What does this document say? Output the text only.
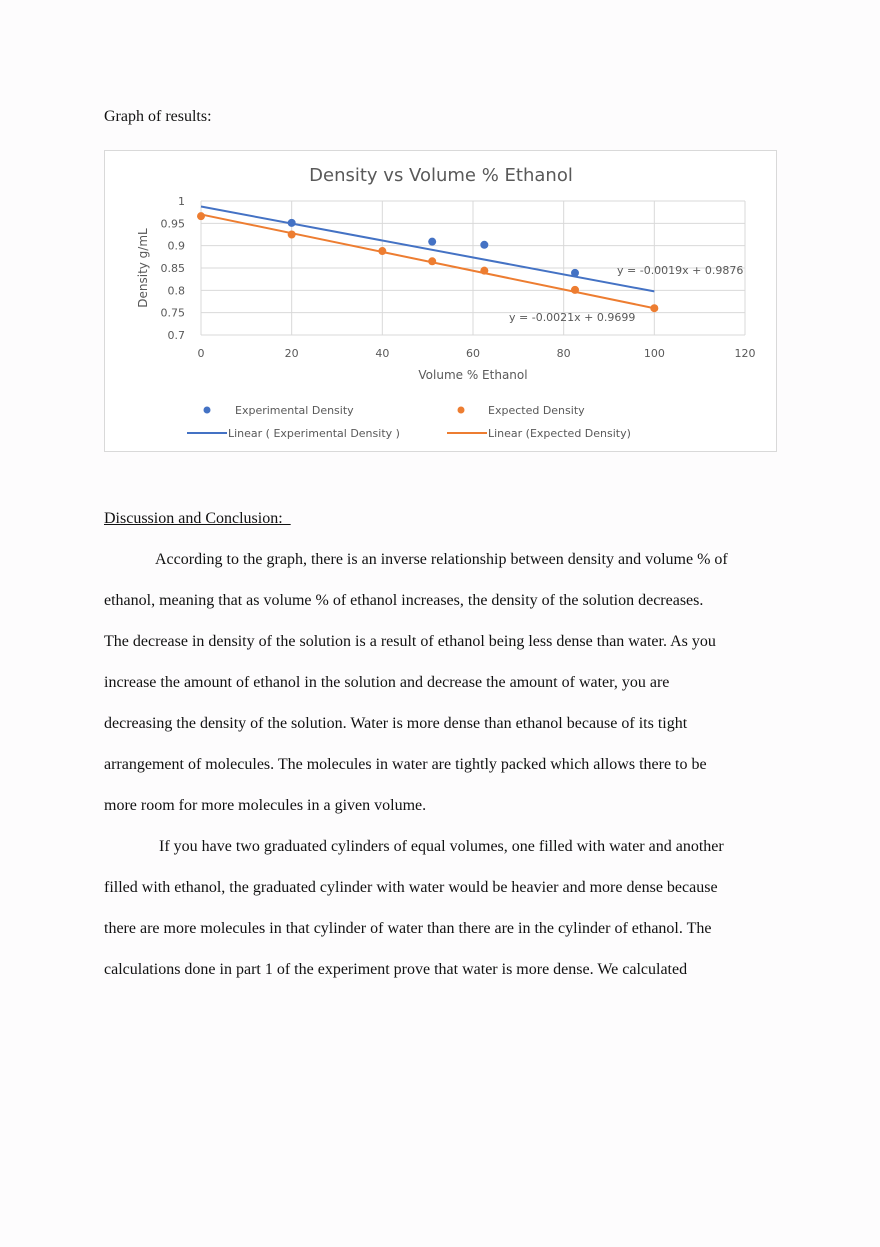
Graph of results:
Density vs Volume % Ethanol
0.7
0.75
0.8
0.85
0.9
0.95
1
0	20	40	60	80	100	120
Volume % Ethanol
Density g/mL	y = -0.0019x + 0.9876
y = -0.0021x + 0.9699
Experimental Density	Expected Density
Linear ( Experimental Density )	Linear (Expected Density)
Discussion and Conclusion:
According to the graph, there is an inverse relationship between density and volume % of
ethanol, meaning that as volume % of ethanol increases, the density of the solution decreases.
The decrease in density of the solution is a result of ethanol being less dense than water. As you
increase the amount of ethanol in the solution and decrease the amount of water, you are
decreasing the density of the solution. Water is more dense than ethanol because of its tight
arrangement of molecules. The molecules in water are tightly packed which allows there to be
more room for more molecules in a given volume.
If you have two graduated cylinders of equal volumes, one filled with water and another
filled with ethanol, the graduated cylinder with water would be heavier and more dense because
there are more molecules in that cylinder of water than there are in the cylinder of ethanol. The
calculations done in part 1 of the experiment prove that water is more dense. We calculated
